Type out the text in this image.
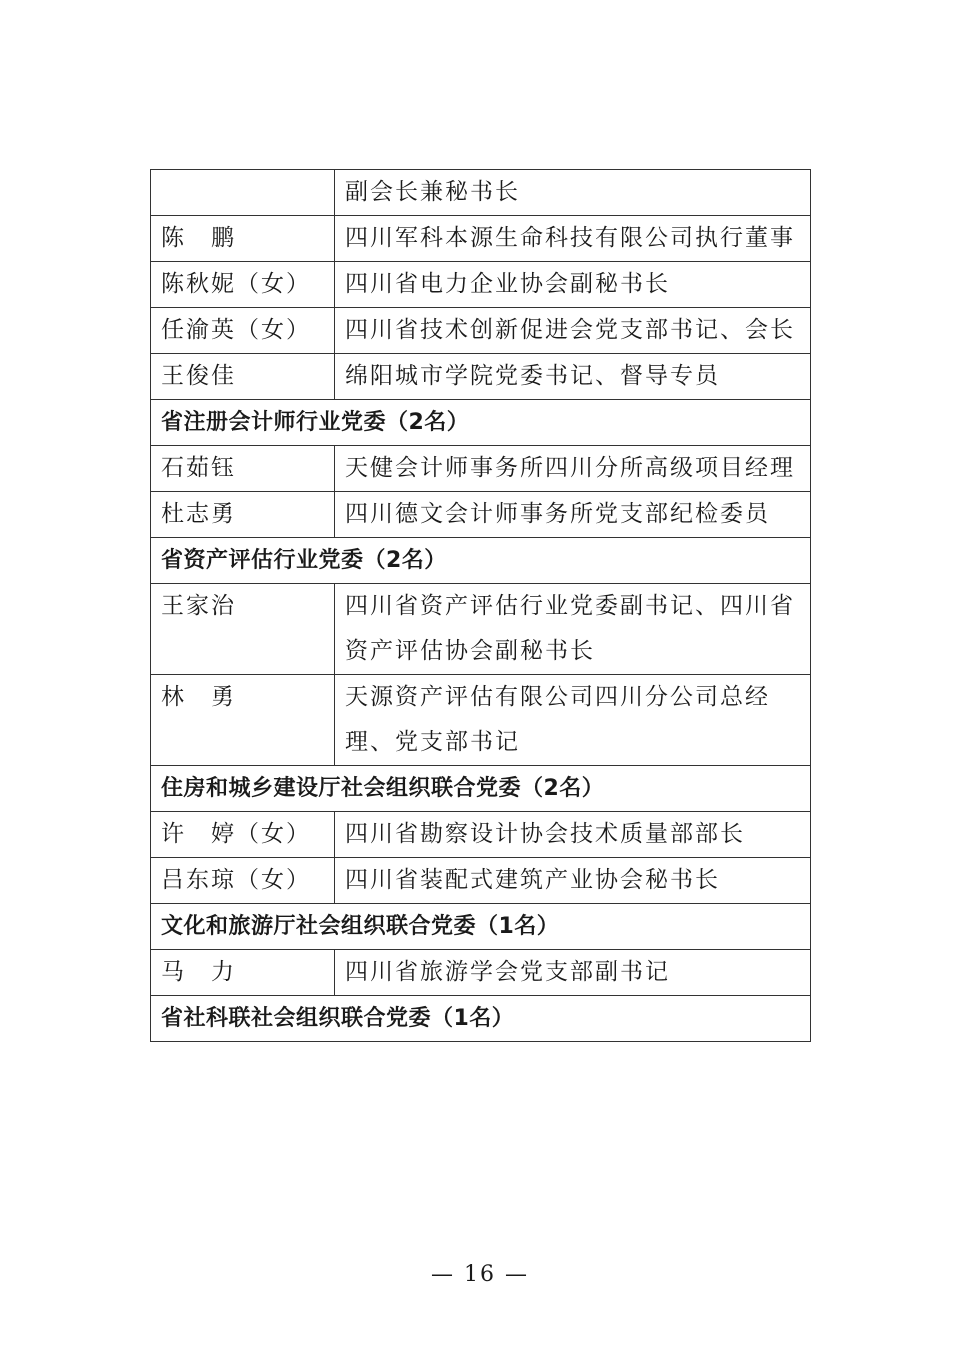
	副会长兼秘书长
陈　鹏	四川军科本源生命科技有限公司执行董事
陈秋妮（女）	四川省电力企业协会副秘书长
任渝英（女）	四川省技术创新促进会党支部书记、会长
王俊佳	绵阳城市学院党委书记、督导专员
省注册会计师行业党委（2名）	
石茹钰	天健会计师事务所四川分所高级项目经理
杜志勇	四川德文会计师事务所党支部纪检委员
省资产评估行业党委（2名）	
王家治	四川省资产评估行业党委副书记、四川省资产评估协会副秘书长
林　勇	天源资产评估有限公司四川分公司总经理、党支部书记
住房和城乡建设厅社会组织联合党委（2名）	
许　婷（女）	四川省勘察设计协会技术质量部部长
吕东琼（女）	四川省装配式建筑产业协会秘书长
文化和旅游厅社会组织联合党委（1名）	
马　力	四川省旅游学会党支部副书记
省社科联社会组织联合党委（1名）	
— 16 —
